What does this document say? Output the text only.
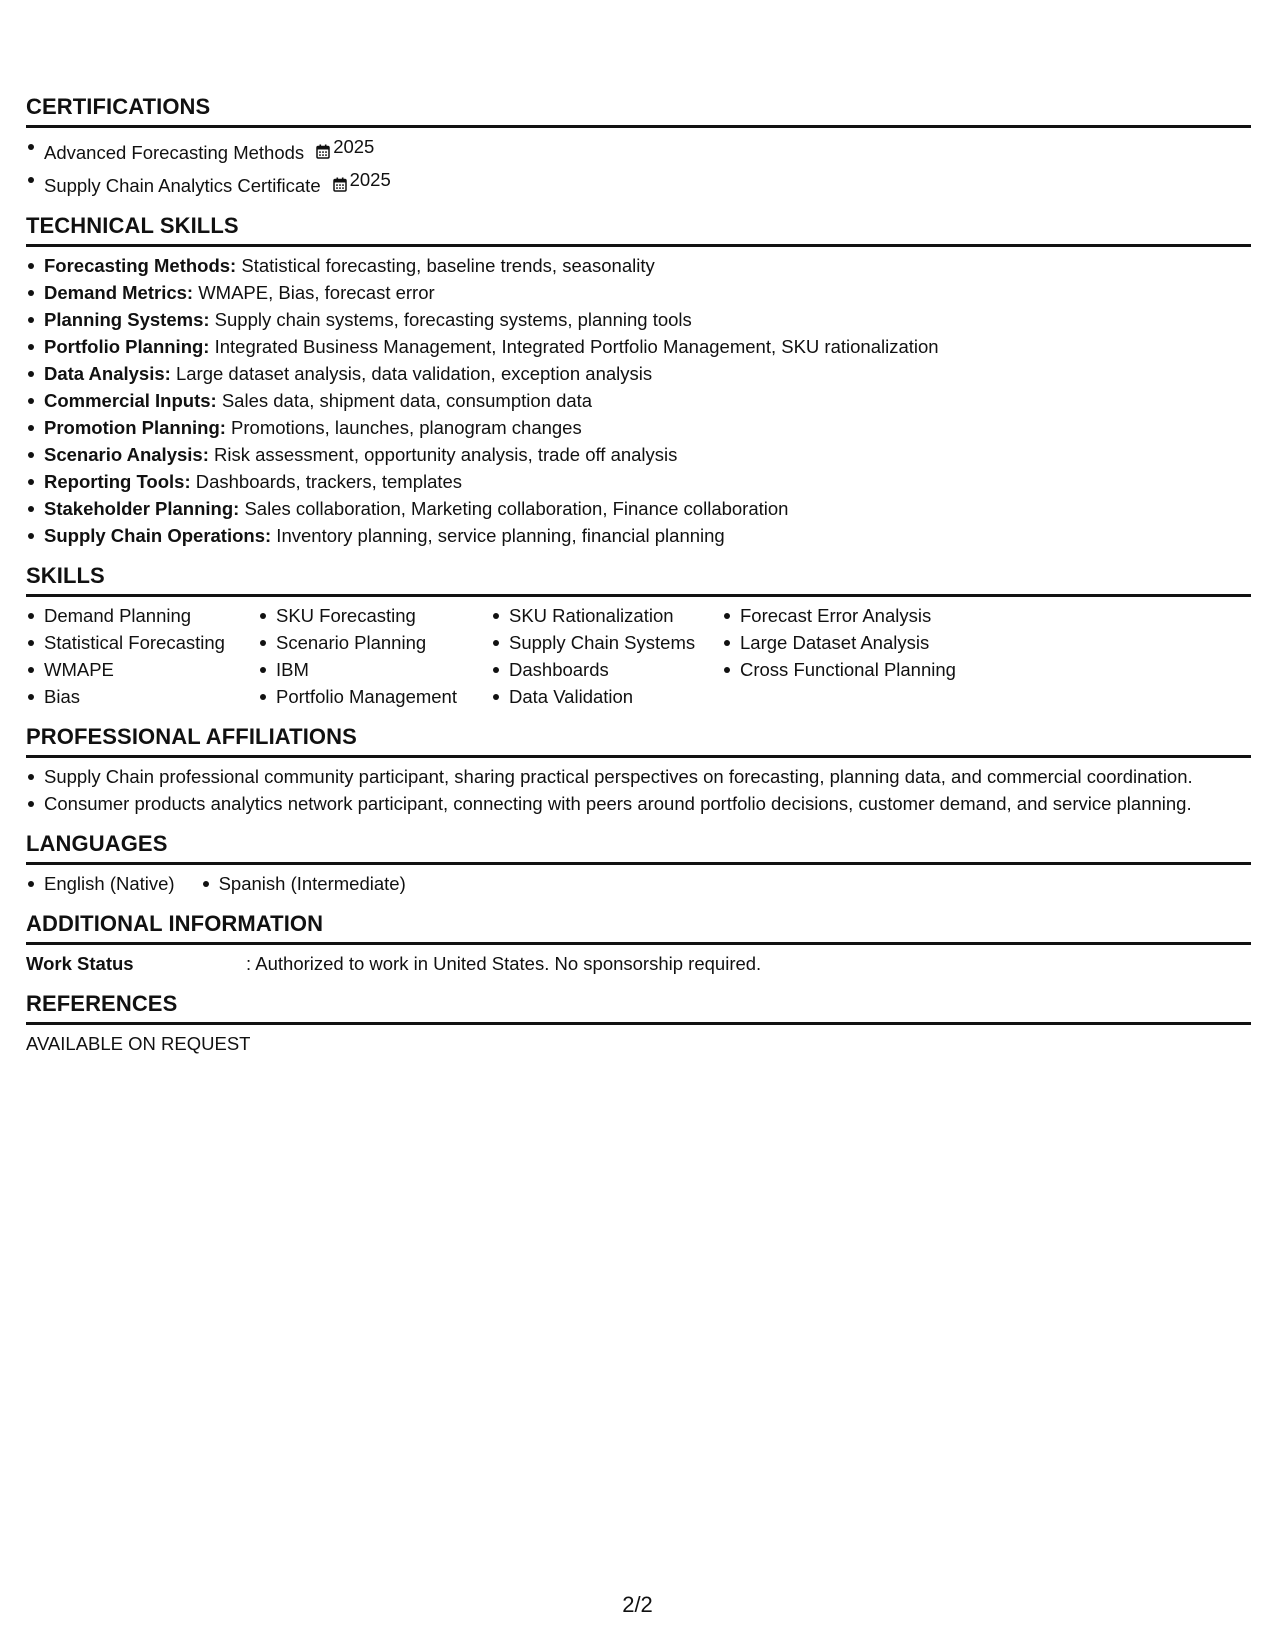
CERTIFICATIONS
Advanced Forecasting Methods 2025
Supply Chain Analytics Certificate 2025
TECHNICAL SKILLS
Forecasting Methods: Statistical forecasting, baseline trends, seasonality
Demand Metrics: WMAPE, Bias, forecast error
Planning Systems: Supply chain systems, forecasting systems, planning tools
Portfolio Planning: Integrated Business Management, Integrated Portfolio Management, SKU rationalization
Data Analysis: Large dataset analysis, data validation, exception analysis
Commercial Inputs: Sales data, shipment data, consumption data
Promotion Planning: Promotions, launches, planogram changes
Scenario Analysis: Risk assessment, opportunity analysis, trade off analysis
Reporting Tools: Dashboards, trackers, templates
Stakeholder Planning: Sales collaboration, Marketing collaboration, Finance collaboration
Supply Chain Operations: Inventory planning, service planning, financial planning
SKILLS
Demand Planning
Statistical Forecasting
WMAPE
Bias
SKU Forecasting
Scenario Planning
IBM
Portfolio Management
SKU Rationalization
Supply Chain Systems
Dashboards
Data Validation
Forecast Error Analysis
Large Dataset Analysis
Cross Functional Planning
PROFESSIONAL AFFILIATIONS
Supply Chain professional community participant, sharing practical perspectives on forecasting, planning data, and commercial coordination.
Consumer products analytics network participant, connecting with peers around portfolio decisions, customer demand, and service planning.
LANGUAGES
English (Native) Spanish (Intermediate)
ADDITIONAL INFORMATION
Work Status	: Authorized to work in United States. No sponsorship required.
REFERENCES
AVAILABLE ON REQUEST
2/2
